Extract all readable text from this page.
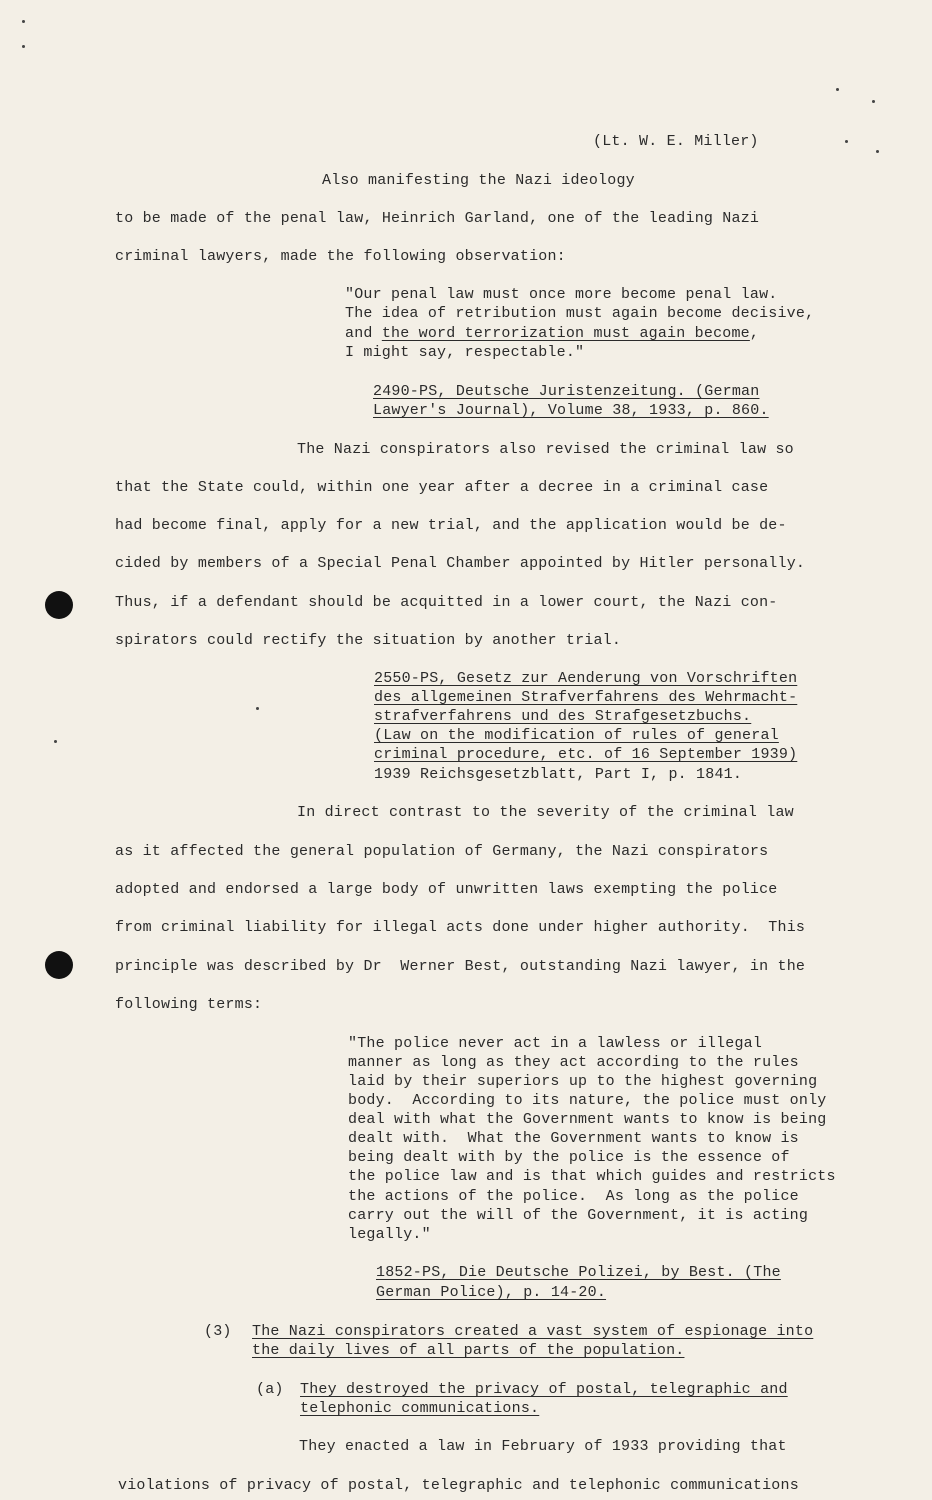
(Lt. W. E. Miller)
Also manifesting the Nazi ideology
to be made of the penal law, Heinrich Garland, one of the leading Nazi
criminal lawyers, made the following observation:
"Our penal law must once more become penal law.
The idea of retribution must again become decisive,
and the word terrorization must again become,
I might say, respectable."
2490-PS, Deutsche Juristenzeitung. (German
Lawyer's Journal), Volume 38, 1933, p. 860.
The Nazi conspirators also revised the criminal law so
that the State could, within one year after a decree in a criminal case
had become final, apply for a new trial, and the application would be de-
cided by members of a Special Penal Chamber appointed by Hitler personally.
Thus, if a defendant should be acquitted in a lower court, the Nazi con-
spirators could rectify the situation by another trial.
2550-PS, Gesetz zur Aenderung von Vorschriften
des allgemeinen Strafverfahrens des Wehrmacht-
strafverfahrens und des Strafgesetzbuchs.
(Law on the modification of rules of general
criminal procedure, etc. of 16 September 1939)
1939 Reichsgesetzblatt, Part I, p. 1841.
In direct contrast to the severity of the criminal law
as it affected the general population of Germany, the Nazi conspirators
adopted and endorsed a large body of unwritten laws exempting the police
from criminal liability for illegal acts done under higher authority.  This
principle was described by Dr  Werner Best, outstanding Nazi lawyer, in the
following terms:
"The police never act in a lawless or illegal
manner as long as they act according to the rules
laid by their superiors up to the highest governing
body.  According to its nature, the police must only
deal with what the Government wants to know is being
dealt with.  What the Government wants to know is
being dealt with by the police is the essence of
the police law and is that which guides and restricts
the actions of the police.  As long as the police
carry out the will of the Government, it is acting
legally."
1852-PS, Die Deutsche Polizei, by Best. (The
German Police), p. 14-20.
(3) The Nazi conspirators created a vast system of espionage into
the daily lives of all parts of the population.
(a) They destroyed the privacy of postal, telegraphic and
telephonic communications.
They enacted a law in February of 1933 providing that
violations of privacy of postal, telegraphic and telephonic communications
